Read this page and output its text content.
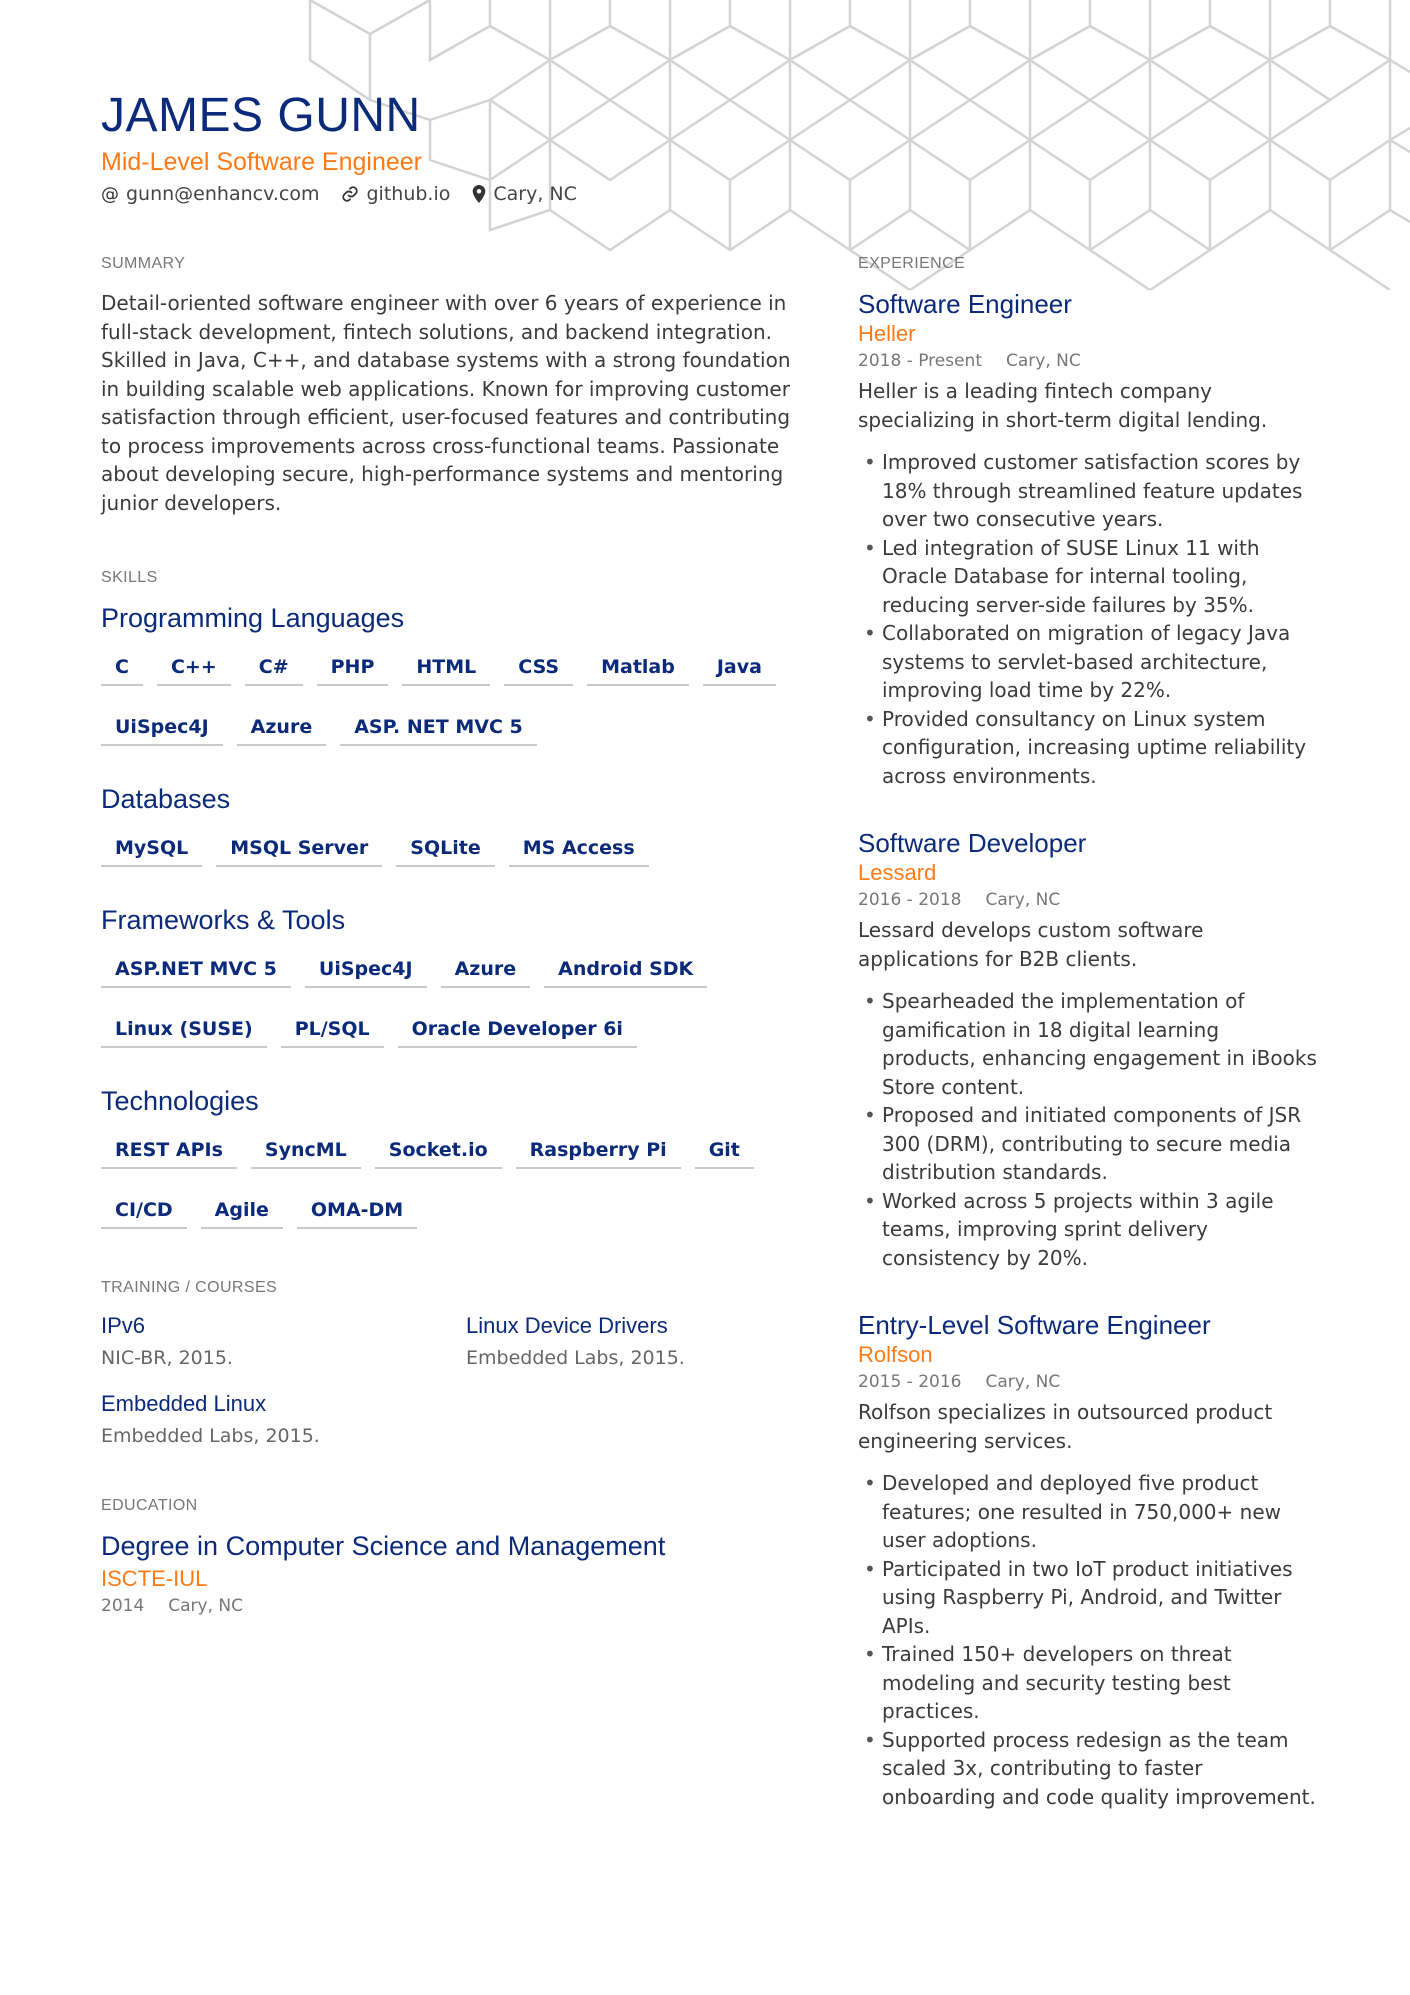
JAMES GUNN
Mid-Level Software Engineer
@ gunn@enhancv.com github.io Cary, NC
SUMMARY

Detail-oriented software engineer with over 6 years of experience in full-stack development, fintech solutions, and backend integration. Skilled in Java, C++, and database systems with a strong foundation in building scalable web applications. Known for improving customer satisfaction through efficient, user-focused features and contributing to process improvements across cross-functional teams. Passionate about developing secure, high-performance systems and mentoring junior developers.

SKILLS
Programming Languages
C	C++	C#	PHP	HTML	CSS	Matlab	Java
UiSpec4J	Azure	ASP. NET MVC 5
Databases
MySQL	MSQL Server	SQLite	MS Access
Frameworks & Tools
ASP.NET MVC 5	UiSpec4J	Azure	Android SDK
Linux (SUSE)	PL/SQL	Oracle Developer 6i
Technologies
REST APIs	SyncML	Socket.io	Raspberry Pi	Git
CI/CD	Agile	OMA-DM
TRAINING / COURSES
IPv6
NIC-BR, 2015.
Linux Device Drivers
Embedded Labs, 2015.
Embedded Linux
Embedded Labs, 2015.
EDUCATION
Degree in Computer Science and Management
ISCTE-IUL
2014 Cary, NC
EXPERIENCE
Software Engineer
Heller
2018 - Present Cary, NC
Heller is a leading fintech company specializing in short-term digital lending.
• Improved customer satisfaction scores by 18% through streamlined feature updates over two consecutive years.
• Led integration of SUSE Linux 11 with Oracle Database for internal tooling, reducing server-side failures by 35%.
• Collaborated on migration of legacy Java systems to servlet-based architecture, improving load time by 22%.
• Provided consultancy on Linux system configuration, increasing uptime reliability across environments.
Software Developer
Lessard
2016 - 2018 Cary, NC
Lessard develops custom software applications for B2B clients.
• Spearheaded the implementation of gamification in 18 digital learning products, enhancing engagement in iBooks Store content.
• Proposed and initiated components of JSR 300 (DRM), contributing to secure media distribution standards.
• Worked across 5 projects within 3 agile teams, improving sprint delivery consistency by 20%.
Entry-Level Software Engineer
Rolfson
2015 - 2016 Cary, NC
Rolfson specializes in outsourced product engineering services.
• Developed and deployed five product features; one resulted in 750,000+ new user adoptions.
• Participated in two IoT product initiatives using Raspberry Pi, Android, and Twitter APIs.
• Trained 150+ developers on threat modeling and security testing best practices.
• Supported process redesign as the team scaled 3x, contributing to faster onboarding and code quality improvement.
